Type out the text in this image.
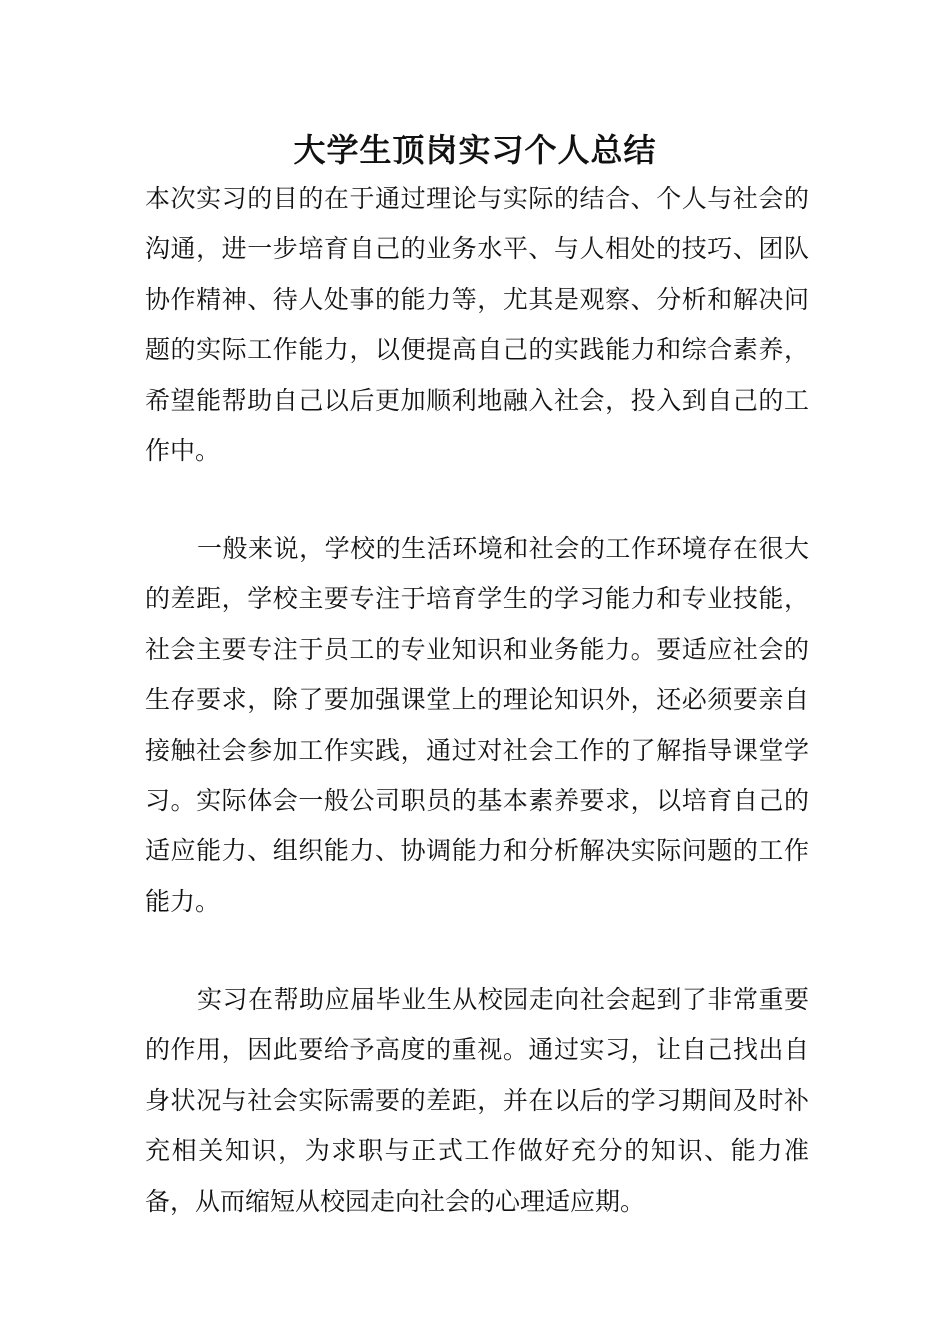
大学生顶岗实习个人总结

本次实习的目的在于通过理论与实际的结合、个人与社会的沟通，进一步培育自己的业务水平、与人相处的技巧、团队协作精神、待人处事的能力等，尤其是观察、分析和解决问题的实际工作能力，以便提高自己的实践能力和综合素养，希望能帮助自己以后更加顺利地融入社会，投入到自己的工作中。

一般来说，学校的生活环境和社会的工作环境存在很大的差距，学校主要专注于培育学生的学习能力和专业技能，社会主要专注于员工的专业知识和业务能力。要适应社会的生存要求，除了要加强课堂上的理论知识外，还必须要亲自接触社会参加工作实践，通过对社会工作的了解指导课堂学习。实际体会一般公司职员的基本素养要求，以培育自己的适应能力、组织能力、协调能力和分析解决实际问题的工作能力。

实习在帮助应届毕业生从校园走向社会起到了非常重要的作用，因此要给予高度的重视。通过实习，让自己找出自身状况与社会实际需要的差距，并在以后的学习期间及时补充相关知识，为求职与正式工作做好充分的知识、能力准备，从而缩短从校园走向社会的心理适应期。
